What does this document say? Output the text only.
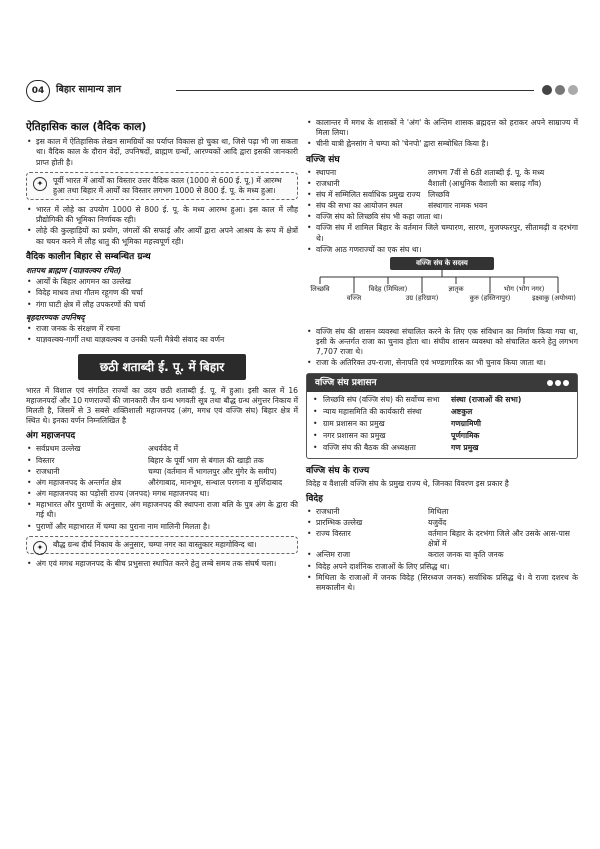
04	बिहार सामान्य ज्ञान
ऐतिहासिक काल (वैदिक काल)
• इस काल में ऐतिहासिक लेखन सामग्रियों का पर्याप्त विकास हो चुका था, जिसे पढ़ा भी जा सकता था। वैदिक काल के दौरान वेदों, उपनिषदों, ब्राह्मण ग्रन्थों, आरण्यकों आदि द्वारा इसकी जानकारी प्राप्त होती है।
✦	पूर्वी भारत में आर्यों का विस्तार उत्तर वैदिक काल (1000 से 600 ई. पू.) में आरम्भ हुआ तथा बिहार में आर्यों का विस्तार लगभग 1000 से 800 ई. पू. के मध्य हुआ।
• भारत में लोहे का उपयोग 1000 से 800 ई. पू. के मध्य आरम्भ हुआ। इस काल में लौह प्रौद्योगिकी की भूमिका निर्णायक रही।
• लोहे की कुल्हाड़ियों का प्रयोग, जंगलों की सफाई और आर्यों द्वारा अपने आश्रय के रूप में क्षेत्रों का चयन करने में लौह धातु की भूमिका महत्त्वपूर्ण रही।
वैदिक कालीन बिहार से सम्बन्धित ग्रन्थ
शतपथ ब्राह्मण (याज्ञवल्क्य रचित)
• आर्यों के बिहार आगमन का उल्लेख
• विदेह माधव तथा गौतम रहूगण की चर्चा
• गंगा घाटी क्षेत्र में लौह उपकरणों की चर्चा
बृहदारण्यक उपनिषद्
• राजा जनक के संरक्षण में रचना
• याज्ञवल्क्य-गार्गी तथा याज्ञवल्क्य व उनकी पत्नी मैत्रेयी संवाद का वर्णन
छठी शताब्दी ई. पू. में बिहार

भारत में विशाल एवं संगठित राज्यों का उदय छठी शताब्दी ई. पू. में हुआ। इसी काल में 16 महाजनपदों और 10 गणराज्यों की जानकारी जैन ग्रन्थ भगवती सूत्र तथा बौद्ध ग्रन्थ अंगुत्तर निकाय में मिलती है, जिसमें से 3 सबसे शक्तिशाली महाजनपद (अंग, मगध एवं वज्जि संघ) बिहार क्षेत्र में स्थित थे। इनका वर्णन निम्नलिखित है

अंग महाजनपद
• सर्वप्रथम उल्लेख	अथर्ववेद में
• विस्तार	बिहार के पूर्वी भाग से बंगाल की खाड़ी तक
• राजधानी	चम्पा (वर्तमान में भागलपुर और मुंगेर के समीप)
• अंग महाजनपद के अन्तर्गत क्षेत्र	औरंगाबाद, मानभूम, सन्थाल परगना व मुर्शिदाबाद
• अंग महाजनपद का पड़ोसी राज्य (जनपद) मगध महाजनपद था।
• महाभारत और पुराणों के अनुसार, अंग महाजनपद की स्थापना राजा बलि के पुत्र अंग के द्वारा की गई थी।
• पुराणों और महाभारत में चम्पा का पुराना नाम मालिनी मिलता है।
✦	बौद्ध ग्रन्थ दीर्घ निकाय के अनुसार, चम्पा नगर का वास्तुकार महागोविन्द था।
• अंग एवं मगध महाजनपद के बीच प्रभुसत्ता स्थापित करने हेतु लम्बे समय तक संघर्ष चला।
• कालान्तर में मगध के शासकों ने 'अंग' के अन्तिम शासक ब्रह्मदत्त को हराकर अपने साम्राज्य में मिला लिया।
• चीनी यात्री ह्वेनसांग ने चम्पा को 'चेनपो' द्वारा सम्बोधित किया है।
वज्जि संघ
• स्थापना	लगभग 7वीं से 6ठी शताब्दी ई. पू. के मध्य
• राजधानी	वैशाली (आधुनिक वैशाली का बसाढ़ गाँव)
• संघ में सम्मिलित सर्वाधिक प्रमुख राज्य	लिच्छवि
• संघ की सभा का आयोजन स्थल	संस्थागार नामक भवन
• वज्जि संघ को लिच्छवि संघ भी कहा जाता था।
• वज्जि संघ में शामिल बिहार के वर्तमान जिले चम्पारण, सारण, मुजफ्फरपुर, सीतामढ़ी व दरभंगा थे।
• वज्जि आठ गणराज्यों का एक संघ था।
वज्जि संघ के सदस्य
लिच्छवि
वज्जि
विदेह (मिथिला)
उग्र (हरिग्राम)
ज्ञातृक
कुरु (हस्तिनापुर)
भोग (भोग नगर)
इक्ष्वाकु (अयोध्या)
• वज्जि संघ की शासन व्यवस्था संचालित करने के लिए एक संविधान का निर्माण किया गया था, इसी के अन्तर्गत राजा का चुनाव होता था। संघीय शासन व्यवस्था को संचालित करने हेतु लगभग 7,707 राजा थे।
• राजा के अतिरिक्त उप-राजा, सेनापति एवं भण्डागारिक का भी चुनाव किया जाता था।
वज्जि संघ प्रशासन
• लिच्छवि संघ (वज्जि संघ) की सर्वोच्च सभा	संस्था (राजाओं की सभा)
• न्याय महासमिति की कार्यकारी संस्था	अष्टकुल
• ग्राम प्रशासन का प्रमुख	गणग्रामिणी
• नगर प्रशासन का प्रमुख	पूर्णगामिक
• वज्जि संघ की बैठक की अध्यक्षता	गण प्रमुख
वज्जि संघ के राज्य

विदेह व वैशाली वज्जि संघ के प्रमुख राज्य थे, जिनका विवरण इस प्रकार है

विदेह
• राजधानी	मिथिला
• प्रारम्भिक उल्लेख	यजुर्वेद
• राज्य विस्तार	वर्तमान बिहार के दरभंगा जिले और उसके आस-पास क्षेत्रों में
• अन्तिम राजा	कराल जनक या कृति जनक
• विदेह अपने दार्शनिक राजाओं के लिए प्रसिद्ध था।
• मिथिला के राजाओं में जनक विदेह (सिरध्वज जनक) सर्वाधिक प्रसिद्ध थे। वे राजा दशरथ के समकालीन थे।
